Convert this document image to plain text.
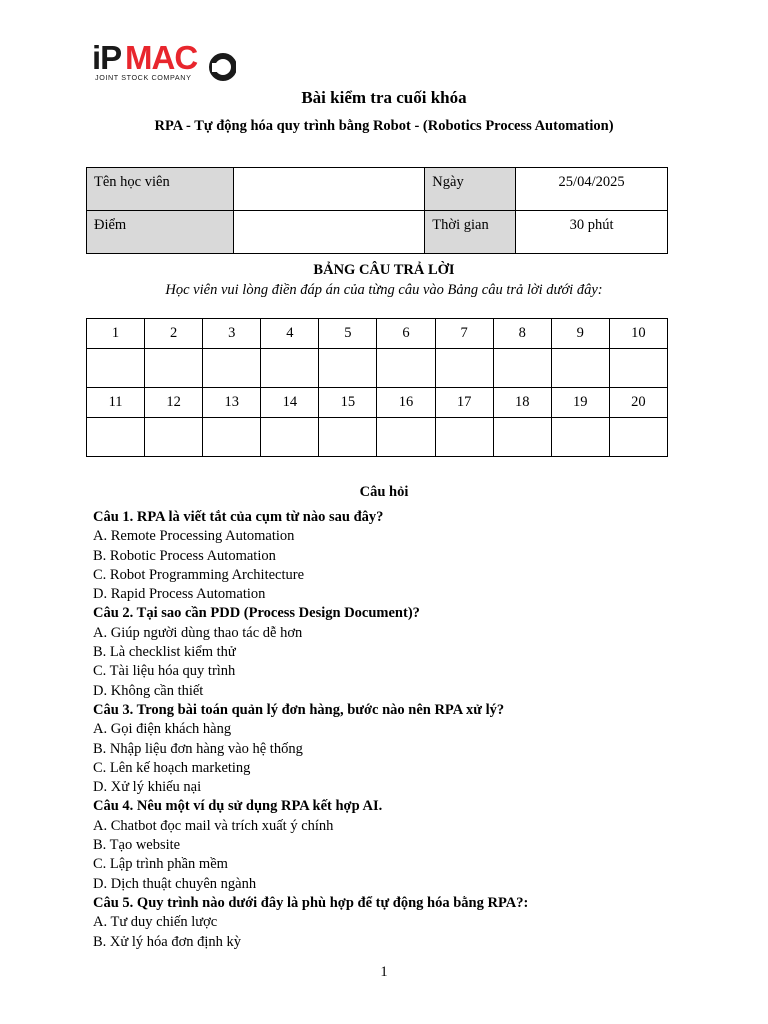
iP MAC
JOINT STOCK COMPANY
Bài kiểm tra cuối khóa
RPA - Tự động hóa quy trình bằng Robot - (Robotics Process Automation)
Tên học viên		Ngày	25/04/2025
Điểm		Thời gian	30 phút
BẢNG CÂU TRẢ LỜI
Học viên vui lòng điền đáp án của từng câu vào Bảng câu trả lời dưới đây:
1	2	3	4	5	6	7	8	9	10

11	12	13	14	15	16	17	18	19	20

Câu hỏi
Câu 1. RPA là viết tắt của cụm từ nào sau đây?
A. Remote Processing Automation
B. Robotic Process Automation
C. Robot Programming Architecture
D. Rapid Process Automation
Câu 2. Tại sao cần PDD (Process Design Document)?
A. Giúp người dùng thao tác dễ hơn
B. Là checklist kiểm thử
C. Tài liệu hóa quy trình
D. Không cần thiết
Câu 3. Trong bài toán quản lý đơn hàng, bước nào nên RPA xử lý?
A. Gọi điện khách hàng
B. Nhập liệu đơn hàng vào hệ thống
C. Lên kế hoạch marketing
D. Xử lý khiếu nại
Câu 4. Nêu một ví dụ sử dụng RPA kết hợp AI.
A. Chatbot đọc mail và trích xuất ý chính
B. Tạo website
C. Lập trình phần mềm
D. Dịch thuật chuyên ngành
Câu 5. Quy trình nào dưới đây là phù hợp để tự động hóa bằng RPA?:
A. Tư duy chiến lược
B. Xử lý hóa đơn định kỳ
1
